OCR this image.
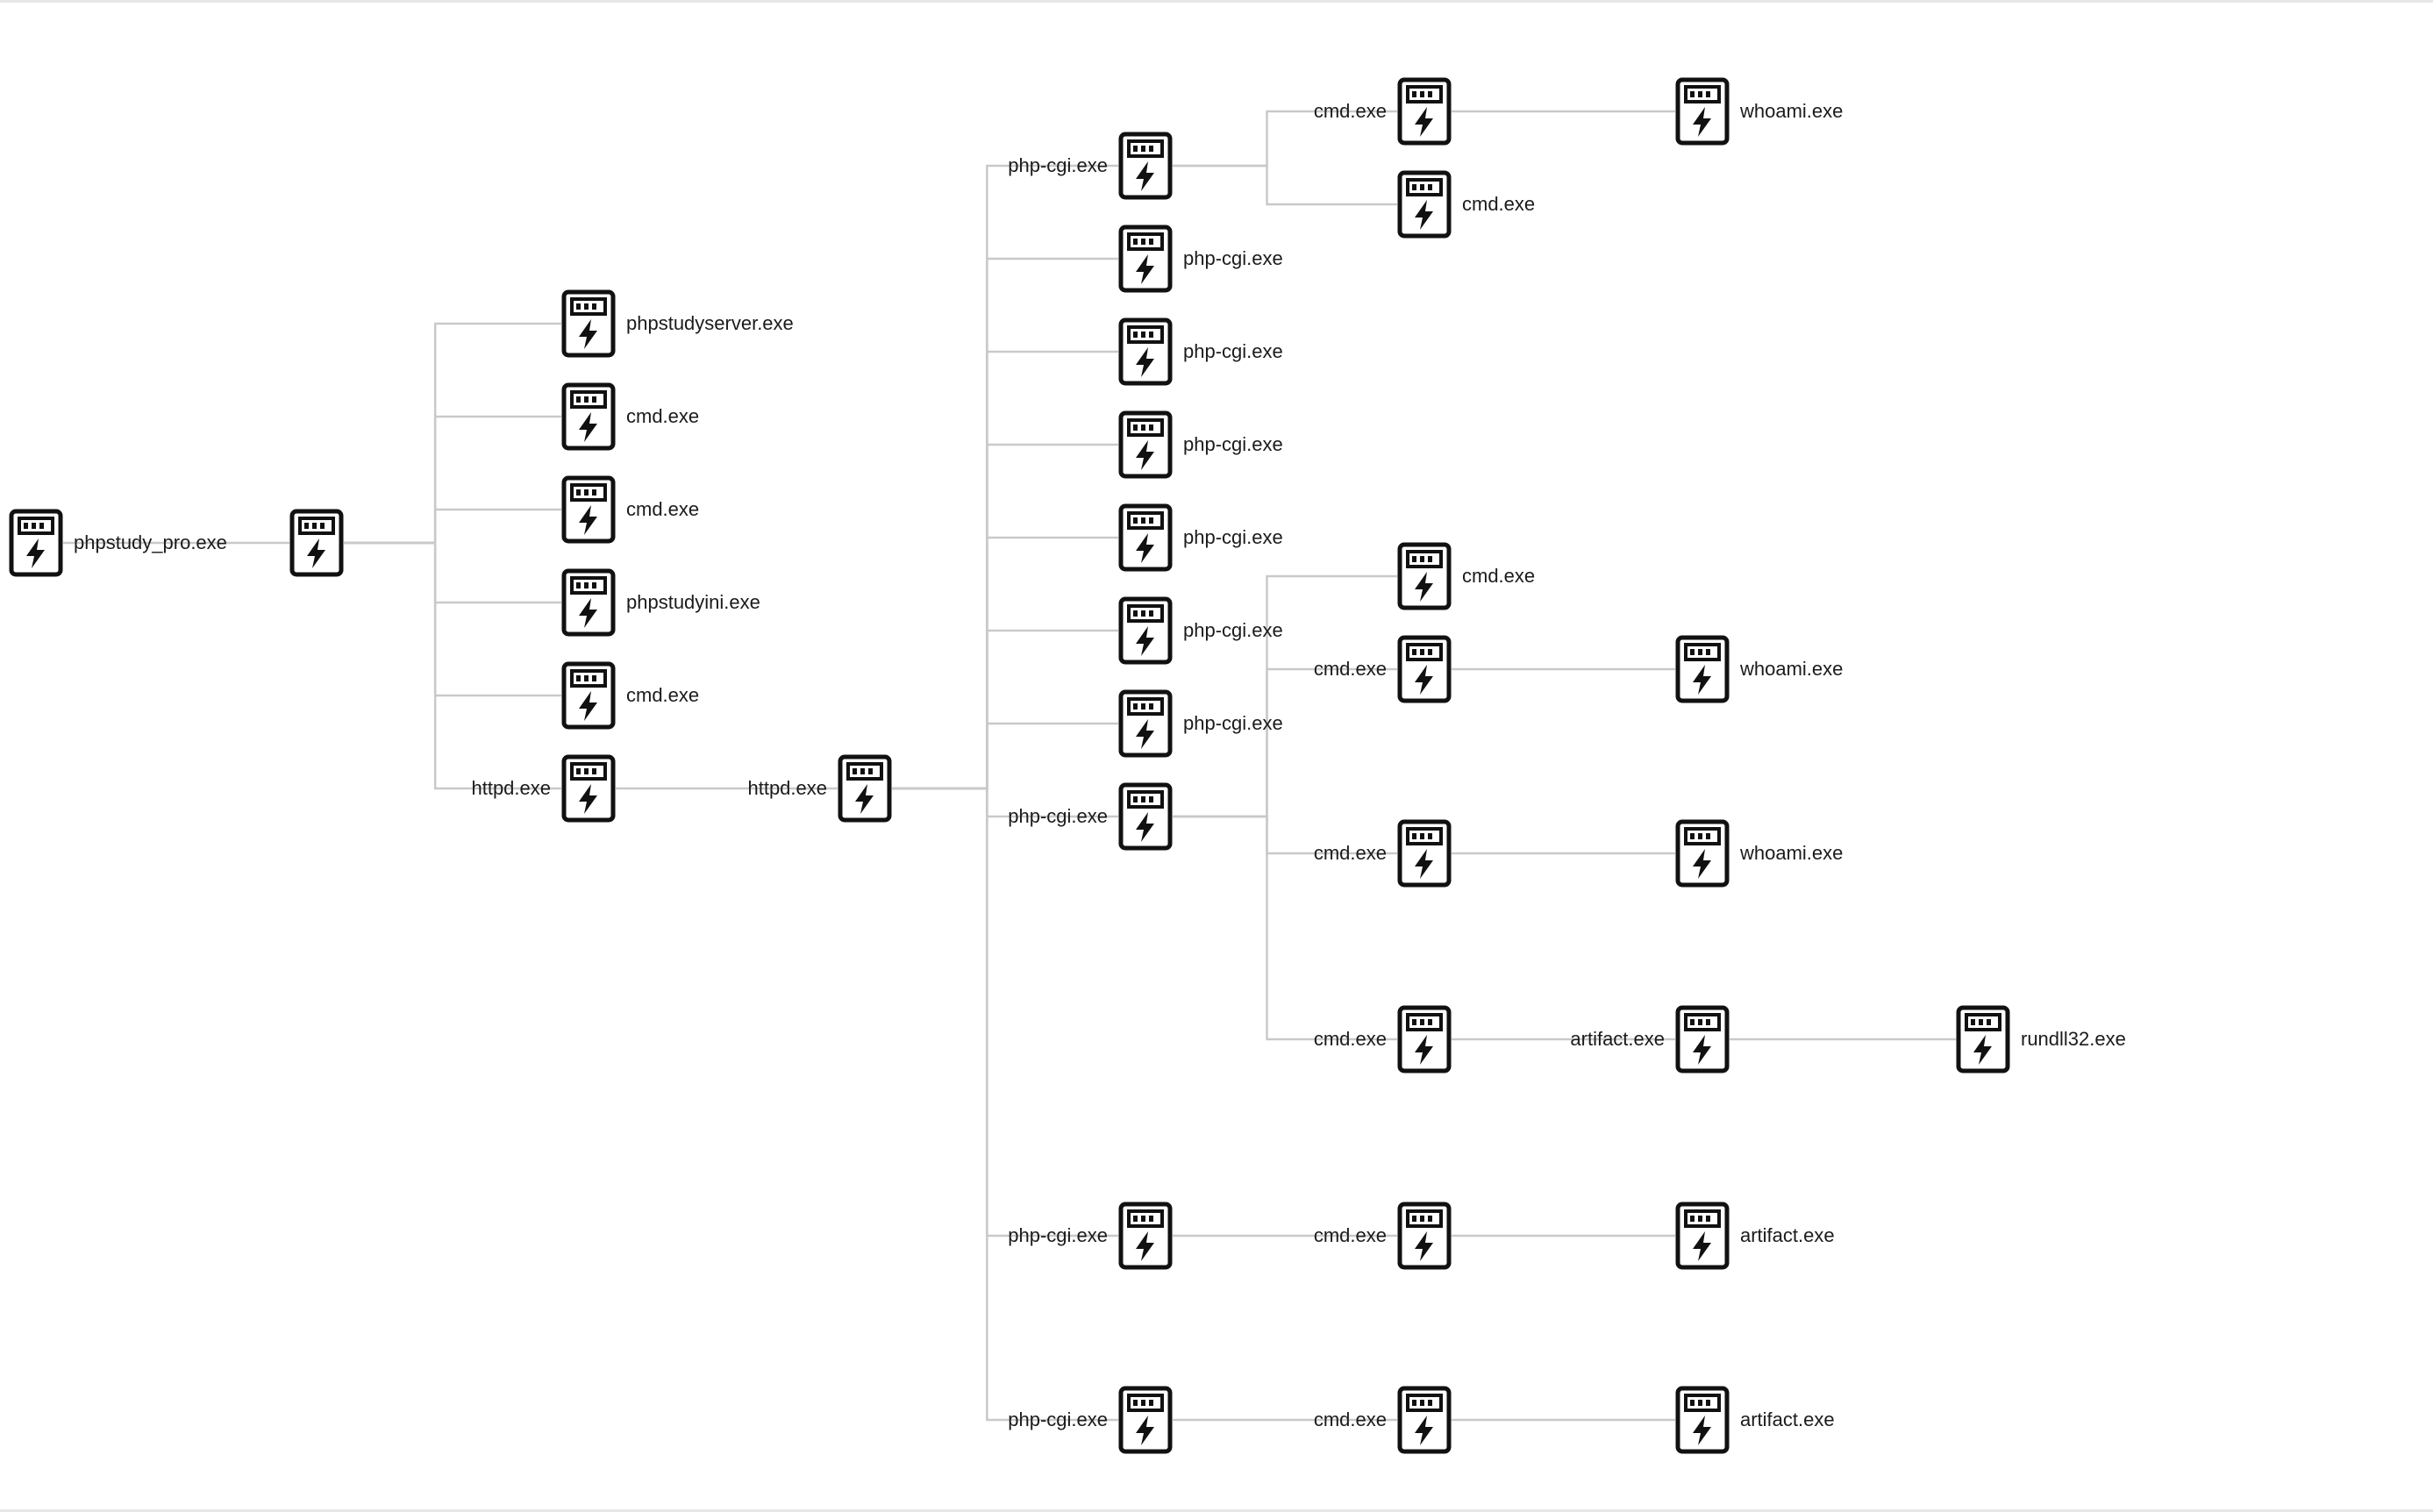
phpstudy_pro.exe
phpstudyserver.exe
cmd.exe
cmd.exe
phpstudyini.exe
cmd.exe
httpd.exe	httpd.exe
php-cgi.exe
php-cgi.exe
php-cgi.exe
php-cgi.exe
php-cgi.exe
php-cgi.exe
php-cgi.exe
php-cgi.exe
php-cgi.exe
php-cgi.exe
cmd.exe
cmd.exe
cmd.exe
cmd.exe
cmd.exe
cmd.exe
cmd.exe
cmd.exe
whoami.exe
whoami.exe
whoami.exe
artifact.exe
artifact.exe
artifact.exe
rundll32.exe
